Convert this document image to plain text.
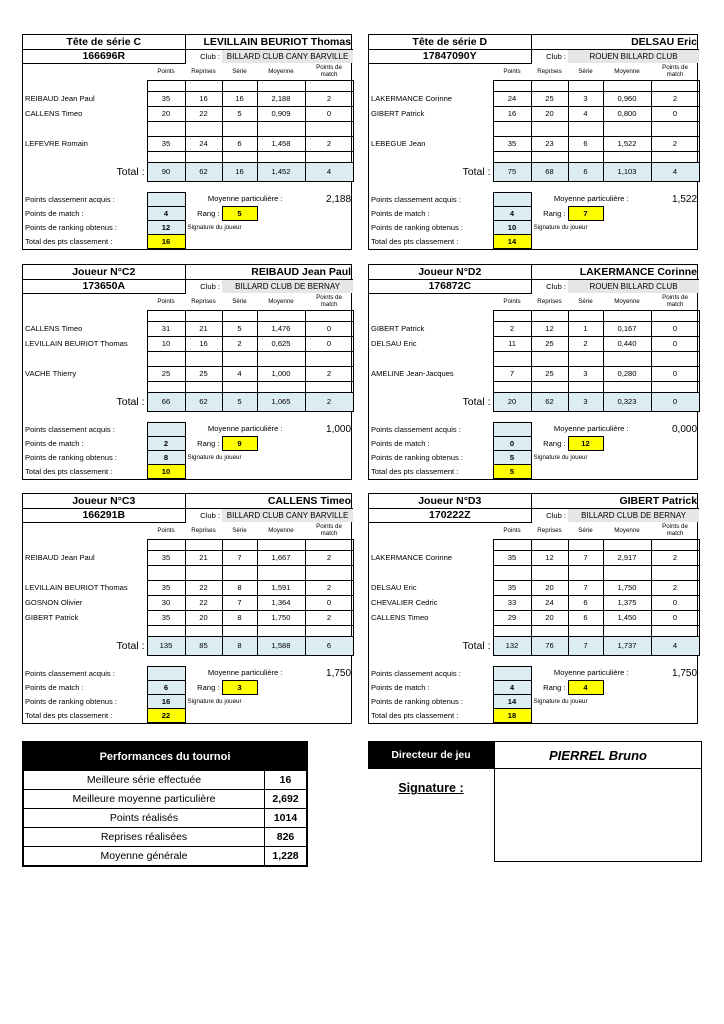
Tête de série C		LEVILLAIN BEURIOT Thomas			
166696R		Club :	BILLARD CLUB CANY BARVILLE		
	Points	Reprises	Série	Moyenne	Points de match

REIBAUD Jean Paul	35	16	16	2,188	2
CALLENS Timeo	20	22	5	0,909	0

LEFEVRE Romain	35	24	6	1,458	2

Total :	90	62	16	1,452	4

Points classement acquis :		Moyenne particulière :			2,188
Points de match :	4	Rang :	5		
Points de ranking obtenus :	12	Signature du joueur			
Total des pts classement :	16				
Tête de série D		DELSAU Eric			
17847090Y		Club :	ROUEN BILLARD CLUB		
	Points	Reprises	Série	Moyenne	Points de match

LAKERMANCE Corinne	24	25	3	0,960	2
GIBERT Patrick	16	20	4	0,800	0

LEBEGUE Jean	35	23	6	1,522	2

Total :	75	68	6	1,103	4

Points classement acquis :		Moyenne particulière :			1,522
Points de match :	4	Rang :	7		
Points de ranking obtenus :	10	Signature du joueur			
Total des pts classement :	14				
Joueur N°C2		REIBAUD Jean Paul			
173650A		Club :	BILLARD CLUB DE BERNAY		
	Points	Reprises	Série	Moyenne	Points de match

CALLENS Timeo	31	21	5	1,476	0
LEVILLAIN BEURIOT Thomas	10	16	2	0,625	0

VACHE Thierry	25	25	4	1,000	2

Total :	66	62	5	1,065	2

Points classement acquis :		Moyenne particulière :			1,000
Points de match :	2	Rang :	9		
Points de ranking obtenus :	8	Signature du joueur			
Total des pts classement :	10				
Joueur N°D2		LAKERMANCE Corinne			
176872C		Club :	ROUEN BILLARD CLUB		
	Points	Reprises	Série	Moyenne	Points de match

GIBERT Patrick	2	12	1	0,167	0
DELSAU Eric	11	25	2	0,440	0

AMELINE Jean-Jacques	7	25	3	0,280	0

Total :	20	62	3	0,323	0

Points classement acquis :		Moyenne particulière :			0,000
Points de match :	0	Rang :	12		
Points de ranking obtenus :	5	Signature du joueur			
Total des pts classement :	5				
Joueur N°C3		CALLENS Timeo			
166291B		Club :	BILLARD CLUB CANY BARVILLE		
	Points	Reprises	Série	Moyenne	Points de match

REIBAUD Jean Paul	35	21	7	1,667	2

LEVILLAIN BEURIOT Thomas	35	22	8	1,591	2
GOSNON Olivier	30	22	7	1,364	0
GIBERT Patrick	35	20	8	1,750	2

Total :	135	85	8	1,588	6

Points classement acquis :		Moyenne particulière :			1,750
Points de match :	6	Rang :	3		
Points de ranking obtenus :	16	Signature du joueur			
Total des pts classement :	22				
Joueur N°D3		GIBERT Patrick			
170222Z		Club :	BILLARD CLUB DE BERNAY		
	Points	Reprises	Série	Moyenne	Points de match

LAKERMANCE Corinne	35	12	7	2,917	2

DELSAU Eric	35	20	7	1,750	2
CHEVALIER Cedric	33	24	6	1,375	0
CALLENS Timeo	29	20	6	1,450	0

Total :	132	76	7	1,737	4

Points classement acquis :		Moyenne particulière :			1,750
Points de match :	4	Rang :	4		
Points de ranking obtenus :	14	Signature du joueur			
Total des pts classement :	18				
Performances du tournoi	
Meilleure série effectuée	16
Meilleure moyenne particulière	2,692
Points réalisés	1014
Reprises réalisées	826
Moyenne générale	1,228
Directeur de jeu	PIERREL Bruno
Signature :
